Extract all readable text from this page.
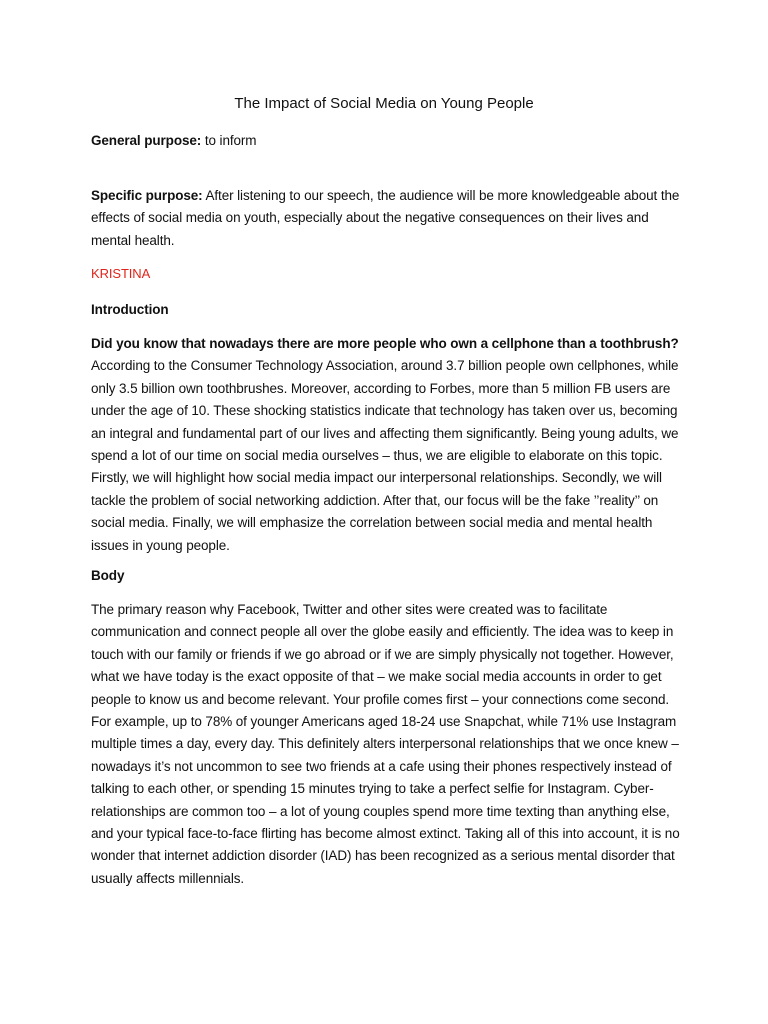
The Impact of Social Media on Young People

General purpose: to inform

Specific purpose: After listening to our speech, the audience will be more knowledgeable about the effects of social media on youth, especially about the negative consequences on their lives and mental health.

KRISTINA

Introduction

Did you know that nowadays there are more people who own a cellphone than a toothbrush? According to the Consumer Technology Association, around 3.7 billion people own cellphones, while only 3.5 billion own toothbrushes. Moreover, according to Forbes, more than 5 million FB users are under the age of 10. These shocking statistics indicate that technology has taken over us, becoming an integral and fundamental part of our lives and affecting them significantly. Being young adults, we spend a lot of our time on social media ourselves – thus, we are eligible to elaborate on this topic. Firstly, we will highlight how social media impact our interpersonal relationships. Secondly, we will tackle the problem of social networking addiction. After that, our focus will be the fake ’’reality’’ on social media. Finally, we will emphasize the correlation between social media and mental health issues in young people.

Body

The primary reason why Facebook, Twitter and other sites were created was to facilitate communication and connect people all over the globe easily and efficiently. The idea was to keep in touch with our family or friends if we go abroad or if we are simply physically not together. However, what we have today is the exact opposite of that – we make social media accounts in order to get people to know us and become relevant. Your profile comes first – your connections come second. For example, up to 78% of younger Americans aged 18-24 use Snapchat, while 71% use Instagram multiple times a day, every day. This definitely alters interpersonal relationships that we once knew – nowadays it’s not uncommon to see two friends at a cafe using their phones respectively instead of talking to each other, or spending 15 minutes trying to take a perfect selfie for Instagram. Cyber-relationships are common too – a lot of young couples spend more time texting than anything else, and your typical face-to-face flirting has become almost extinct. Taking all of this into account, it is no wonder that internet addiction disorder (IAD) has been recognized as a serious mental disorder that usually affects millennials.
